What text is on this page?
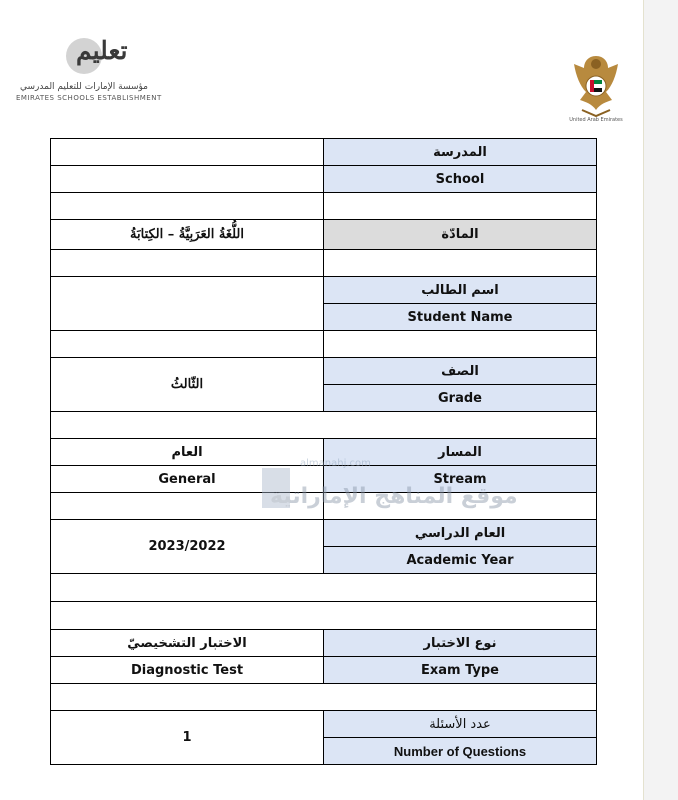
تعليم
مؤسسة الإمارات للتعليم المدرسي
EMIRATES SCHOOLS ESTABLISHMENT
United Arab Emirates
	المدرسة
	School

اللُّغَةُ العَرَبِيَّةُ – الكِتابَةُ	المادّة

	اسم الطالب
	Student Name

الثّالثُ	الصف
	Grade

العام	المسار
General	Stream

2023/2022	العام الدراسي
	Academic Year

الاختبار التشخيصيّ	نوع الاختبار
Diagnostic Test	Exam Type

1	عدد الأسئلة
	Number of Questions
almanahj.com
موقع المناهج الإماراتية
